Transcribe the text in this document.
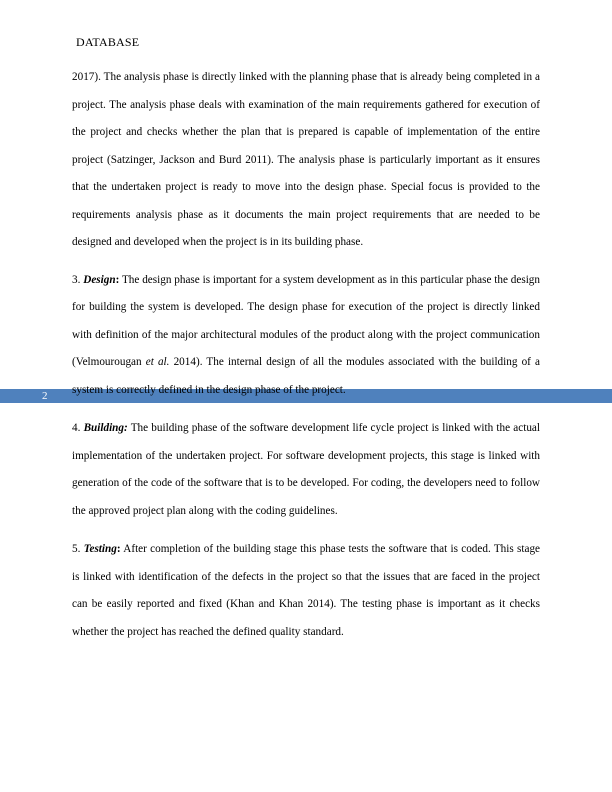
DATABASE
2

2017). The analysis phase is directly linked with the planning phase that is already being completed in a project. The analysis phase deals with examination of the main requirements gathered for execution of the project and checks whether the plan that is prepared is capable of implementation of the entire project (Satzinger, Jackson and Burd 2011). The analysis phase is particularly important as it ensures that the undertaken project is ready to move into the design phase. Special focus is provided to the requirements analysis phase as it documents the main project requirements that are needed to be designed and developed when the project is in its building phase.

3. Design: The design phase is important for a system development as in this particular phase the design for building the system is developed. The design phase for execution of the project is directly linked with definition of the major architectural modules of the product along with the project communication (Velmourougan et al. 2014). The internal design of all the modules associated with the building of a system is correctly defined in the design phase of the project.

4. Building: The building phase of the software development life cycle project is linked with the actual implementation of the undertaken project. For software development projects, this stage is linked with generation of the code of the software that is to be developed. For coding, the developers need to follow the approved project plan along with the coding guidelines.

5. Testing: After completion of the building stage this phase tests the software that is coded. This stage is linked with identification of the defects in the project so that the issues that are faced in the project can be easily reported and fixed (Khan and Khan 2014). The testing phase is important as it checks whether the project has reached the defined quality standard.
